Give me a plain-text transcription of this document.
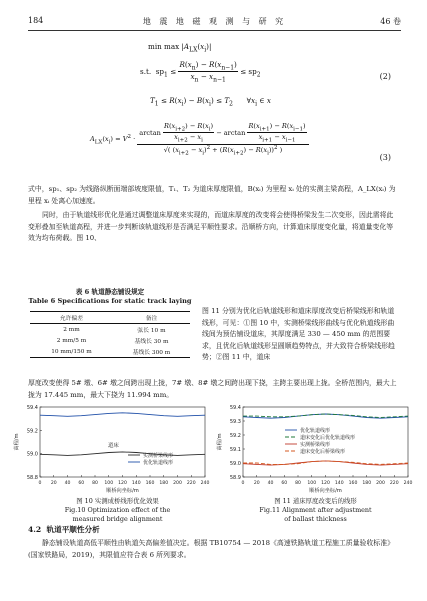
184	地 震 地 磁 观 测 与 研 究	46 卷
$\min \max |A_{LX}(x_i)|$
s.t.  $sp_1 \le \frac{R(x_n) - R(x_{n-1})}{x_n - x_{n-1}} \le sp_2$	(2)
$T_1 \le R(x_i) - B(x_i) \le T_2$      $\forall x_i$ ∈ x
$A_{LX}(x_i) = V^2$ ·
$\arctan \frac{R(x_{i+2}) - R(x_i)}{x_{i+2} - x_i} - \arctan \frac{R(x_{i+1}) - R(x_{i-1})}{x_{i+1} - x_{i-1}}$
√( $(x_{i+2} - x_i)^2 + (R(x_{i+2}) - R(x_i))^2$ )
(3)
式中，sp₁、sp₂ 为线路纵断面端部坡度限值，T₁、T₂ 为道床厚度限值，B(xᵢ) 为里程 xᵢ 处的实测主梁高程，A_LX(xᵢ) 为里程 xᵢ 处离心加速度。
同时，由于轨道线形优化是通过调整道床厚度来实现的，而道床厚度的改变将会使得桥梁发生二次变形，因此需将此变形叠加至轨道高程，并进一步判断该轨道线形是否满足平顺性要求。沿顺桥方向，计算道床厚度变化量，将道量变化等效为均布荷载。图 10、
表 6 轨道静态铺设规定
Table 6 Specifications for static track laying
允许偏差	备注
2 mm	弦长 10 m
2 mm/5 m	基线长 30 m
10 mm/150 m	基线长 300 m
图 11 分别为优化后轨道线形和道床厚度改变后桥梁线形和轨道线形，可见：①图 10 中，实测桥梁线形曲线与优化轨道线形曲线间为预估铺设道床，其厚度满足 330 — 450 mm 的范围要求，且优化后轨道线形呈圆顺趋势特点，并大致符合桥梁线形趋势；②图 11 中，道床
厚度改变使得 5# 墩、6# 墩之间跨出现上拢，7# 墩、8# 墩之间跨出现下挠，主跨主要出现上拢。全桥范围内，最大上拢为 17.445 mm，最大下挠为 11.994 mm。
58.8
59.0
59.2
59.4
0 20 40 60 80 100 120 140 160 180 200 220 240
顺桥向坐标/m
高程/m
实测桥梁线形
优化轨道线形
道床
58.9
59.0
59.1
59.2
59.3
59.4
0 20 40 60 80 100 120 140 160 180 200 220 240
顺桥向坐标/m
高程/m
优化轨道线形
道床变化后优化轨道线形
实测桥梁线形
道床变化后桥梁线形
图 10 实测成桥线形优化效果
Fig.10 Optimization effect of the
measured bridge alignment
图 11 道床厚度改变后的线形
Fig.11 Alignment after adjustment
of ballast thickness
4.2 轨道平顺性分析
静态铺设轨道高低平顺性由轨道矢高偏差值决定。根据 TB10754 — 2018《高速铁路轨道工程施工质量验收标准》(国家铁路局，2019)，其限值应符合表 6 所列要求。
